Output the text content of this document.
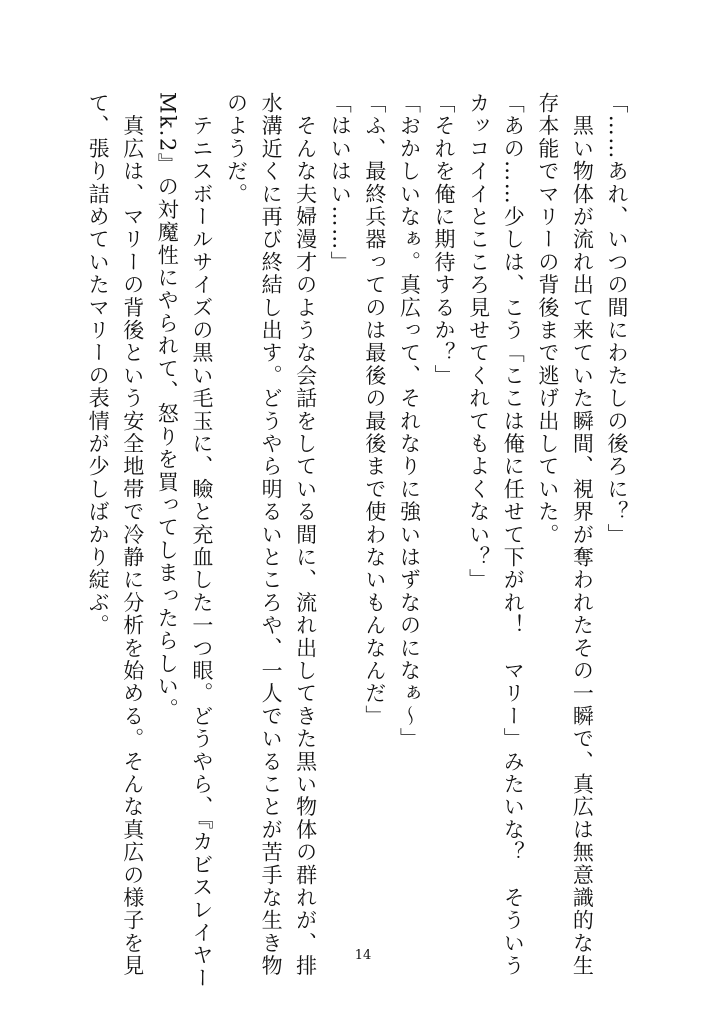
「……あれ、いつの間にわたしの後ろに？」
　黒い物体が流れ出て来ていた瞬間、視界が奪われたその一瞬で、真広は無意識的な生
存本能でマリーの背後まで逃げ出していた。
「あの……少しは、こう「ここは俺に任せて下がれ！　マリー」みたいな？　そういう
カッコイイとこころ見せてくれてもよくない？」
「それを俺に期待するか？」
「おかしいなぁ。真広って、それなりに強いはずなのになぁ～」
「ふ、最終兵器ってのは最後の最後まで使わないもんなんだ」
「はいはい……」
　そんな夫婦漫才のような会話をしている間に、流れ出してきた黒い物体の群れが、排
水溝近くに再び終結し出す。どうやら明るいところや、一人でいることが苦手な生き物
のようだ。
　テニスボールサイズの黒い毛玉に、瞼と充血した一つ眼。どうやら、『カビスレイヤー
Mk.2』の対魔性にやられて、怒りを買ってしまったらしい。
　真広は、マリーの背後という安全地帯で冷静に分析を始める。そんな真広の様子を見
て、張り詰めていたマリーの表情が少しばかり綻ぶ。
14
